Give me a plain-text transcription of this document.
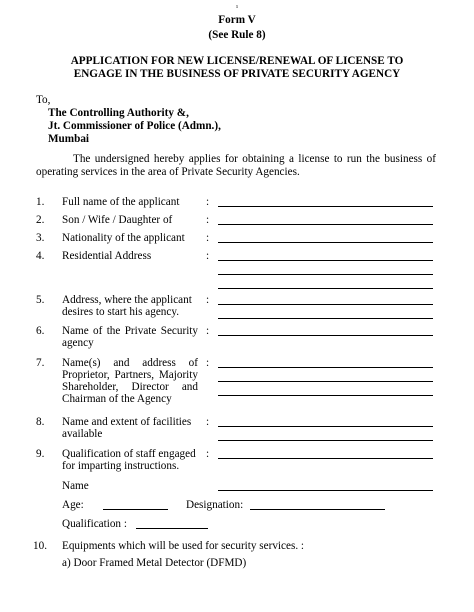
¹
Form V
(See Rule 8)
APPLICATION FOR NEW LICENSE/RENEWAL OF LICENSE TO
ENGAGE IN THE BUSINESS OF PRIVATE SECURITY AGENCY
To,
The Controlling Authority &,
Jt. Commissioner of Police (Admn.),
Mumbai
The undersigned hereby applies for obtaining a license to run the business of
operating services in the area of Private Security Agencies.
1. Full name of the applicant :
2. Son / Wife / Daughter of	:
3. Nationality of the applicant :
4. Residential Address	:
5. Address, where the applicant
desires to start his agency.
:
6. Name of the Private Security
agency
:
7. Name(s) and address of
Proprietor, Partners, Majority
Shareholder, Director and
Chairman of the Agency
:
8. Name and extent of facilities
available
:
9. Qualification of staff engaged
for imparting instructions.
:
Name
Age:	Designation:
Qualification :
10. Equipments which will be used for security services. :
a) Door Framed Metal Detector (DFMD)
